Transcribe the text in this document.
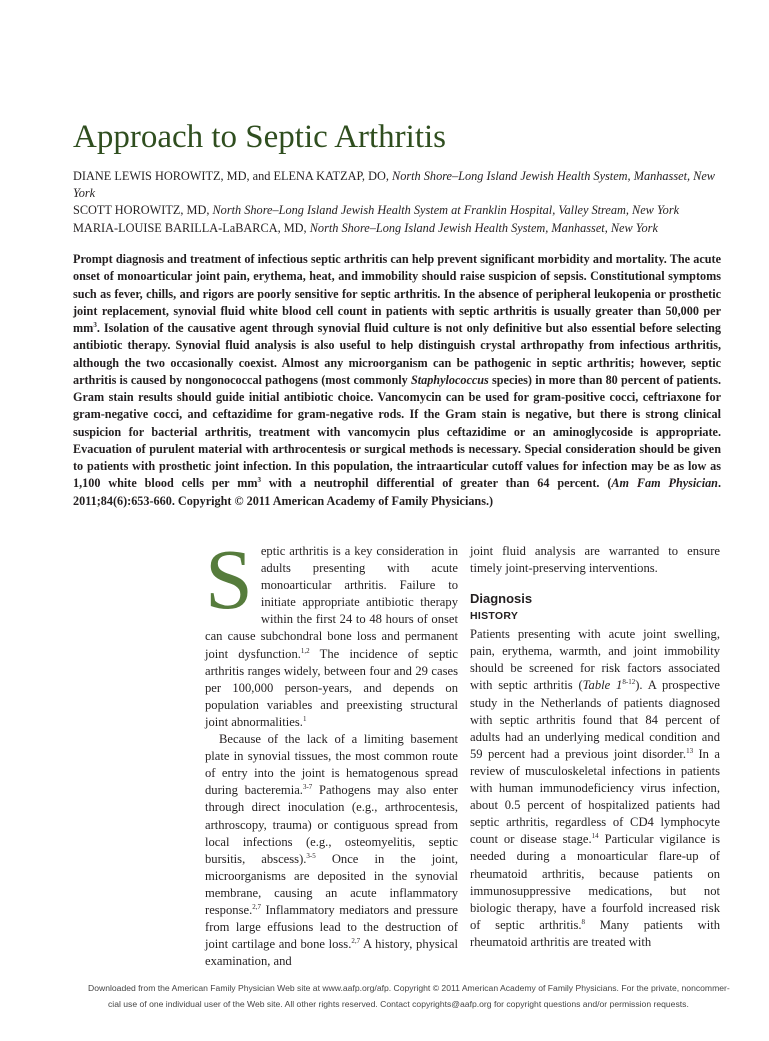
Approach to Septic Arthritis
DIANE LEWIS HOROWITZ, MD, and ELENA KATZAP, DO, North Shore–Long Island Jewish Health System, Manhasset, New York
SCOTT HOROWITZ, MD, North Shore–Long Island Jewish Health System at Franklin Hospital, Valley Stream, New York
MARIA-LOUISE BARILLA-LaBARCA, MD, North Shore–Long Island Jewish Health System, Manhasset, New York
Prompt diagnosis and treatment of infectious septic arthritis can help prevent significant morbidity and mortality. The acute onset of monoarticular joint pain, erythema, heat, and immobility should raise suspicion of sepsis. Constitutional symptoms such as fever, chills, and rigors are poorly sensitive for septic arthritis. In the absence of peripheral leukopenia or prosthetic joint replacement, synovial fluid white blood cell count in patients with septic arthritis is usually greater than 50,000 per $mm^3$. Isolation of the causative agent through synovial fluid culture is not only definitive but also essential before selecting antibiotic therapy. Synovial fluid analysis is also useful to help distinguish crystal arthropathy from infectious arthritis, although the two occasionally coexist. Almost any microorganism can be pathogenic in septic arthritis; however, septic arthritis is caused by nongonococcal pathogens (most commonly Staphylococcus species) in more than 80 percent of patients. Gram stain results should guide initial antibiotic choice. Vancomycin can be used for gram-positive cocci, ceftriaxone for gram-negative cocci, and ceftazidime for gram-negative rods. If the Gram stain is negative, but there is strong clinical suspicion for bacterial arthritis, treatment with vancomycin plus ceftazidime or an aminoglycoside is appropriate. Evacuation of purulent material with arthrocentesis or surgical methods is necessary. Special consideration should be given to patients with prosthetic joint infection. In this population, the intraarticular cutoff values for infection may be as low as 1,100 white blood cells per $mm^3$ with a neutrophil differential of greater than 64 percent. (Am Fam Physician. 2011;84(6):653-660. Copyright © 2011 American Academy of Family Physicians.)

Septic arthritis is a key consideration in adults presenting with acute monoarticular arthritis. Failure to initiate appropriate antibiotic therapy within the first 24 to 48 hours of onset can cause subchondral bone loss and permanent joint dysfunction.$^{1,2}$ The incidence of septic arthritis ranges widely, between four and 29 cases per 100,000 person-years, and depends on population variables and preexisting structural joint abnormalities.$^1$

Because of the lack of a limiting basement plate in synovial tissues, the most common route of entry into the joint is hematogenous spread during bacteremia.$^{3-7}$ Pathogens may also enter through direct inoculation (e.g., arthrocentesis, arthroscopy, trauma) or contiguous spread from local infections (e.g., osteomyelitis, septic bursitis, abscess).$^{3-5}$ Once in the joint, microorganisms are deposited in the synovial membrane, causing an acute inflammatory response.$^{2,7}$ Inflammatory mediators and pressure from large effusions lead to the destruction of joint cartilage and bone loss.$^{2,7}$ A history, physical examination, and

joint fluid analysis are warranted to ensure timely joint-preserving interventions.

Diagnosis
HISTORY

Patients presenting with acute joint swelling, pain, erythema, warmth, and joint immobility should be screened for risk factors associated with septic arthritis (Table 1$^{8-12}$). A prospective study in the Netherlands of patients diagnosed with septic arthritis found that 84 percent of adults had an underlying medical condition and 59 percent had a previous joint disorder.$^{13}$ In a review of musculoskeletal infections in patients with human immunodeficiency virus infection, about 0.5 percent of hospitalized patients had septic arthritis, regardless of CD4 lymphocyte count or disease stage.$^{14}$ Particular vigilance is needed during a monoarticular flare-up of rheumatoid arthritis, because patients on immunosuppressive medications, but not biologic therapy, have a fourfold increased risk of septic arthritis.$^8$ Many patients with rheumatoid arthritis are treated with

Downloaded from the American Family Physician Web site at www.aafp.org/afp. Copyright © 2011 American Academy of Family Physicians. For the private, noncommer-
cial use of one individual user of the Web site. All other rights reserved. Contact copyrights@aafp.org for copyright questions and/or permission requests.
